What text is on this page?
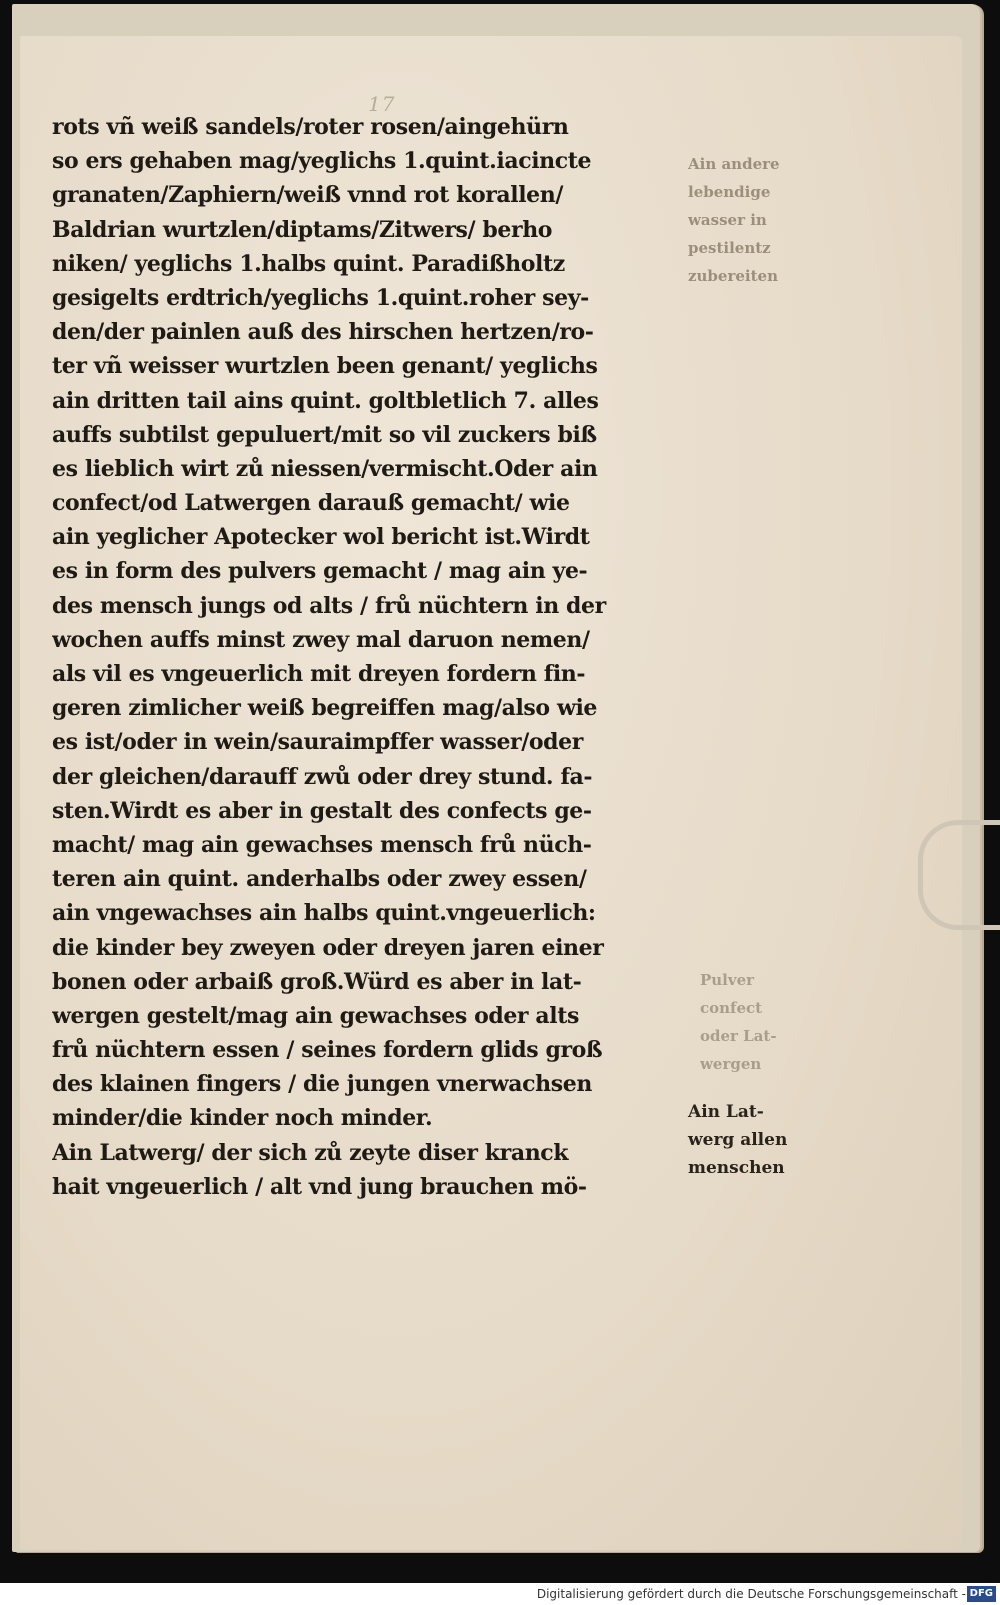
17
Ain andere
lebendige
wasser in
pestilentz
zubereiten
Pulver
confect
oder Lat-
wergen
rots vñ weiß sandels/roter rosen/aingehürn
so ers gehaben mag/yeglichs 1.quint.iacincte
granaten/Zaphiern/weiß vnnd rot korallen/
Baldrian wurtzlen/diptams/Zitwers/ berho
niken/ yeglichs 1.halbs quint. Paradißholtz
gesigelts erdtrich/yeglichs 1.quint.roher sey-
den/der painlen auß des hirschen hertzen/ro-
ter vñ weisser wurtzlen been genant/ yeglichs
ain dritten tail ains quint. goltbletlich 7. alles
auffs subtilst gepuluert/mit so vil zuckers biß
es lieblich wirt zů niessen/vermischt.Oder ain
confect/od Latwergen darauß gemacht/ wie
ain yeglicher Apotecker wol bericht ist.Wirdt
es in form des pulvers gemacht / mag ain ye-
des mensch jungs od alts / frů nüchtern in der
wochen auffs minst zwey mal daruon nemen/
als vil es vngeuerlich mit dreyen fordern fin-
geren zimlicher weiß begreiffen mag/also wie
es ist/oder in wein/sauraimpffer wasser/oder
der gleichen/darauff zwů oder drey stund. fa-
sten.Wirdt es aber in gestalt des confects ge-
macht/ mag ain gewachses mensch frů nüch-
teren ain quint. anderhalbs oder zwey essen/
ain vngewachses ain halbs quint.vngeuerlich:
die kinder bey zweyen oder dreyen jaren einer
bonen oder arbaiß groß.Würd es aber in lat-
wergen gestelt/mag ain gewachses oder alts
frů nüchtern essen / seines fordern glids groß
des klainen fingers / die jungen vnerwachsen
minder/die kinder noch minder.
Ain Latwerg/ der sich zů zeyte diser kranck
hait vngeuerlich / alt vnd jung brauchen mö-
Ain Lat-
werg allen
menschen
Digitalisierung gefördert durch die Deutsche Forschungsgemeinschaft - DFG
